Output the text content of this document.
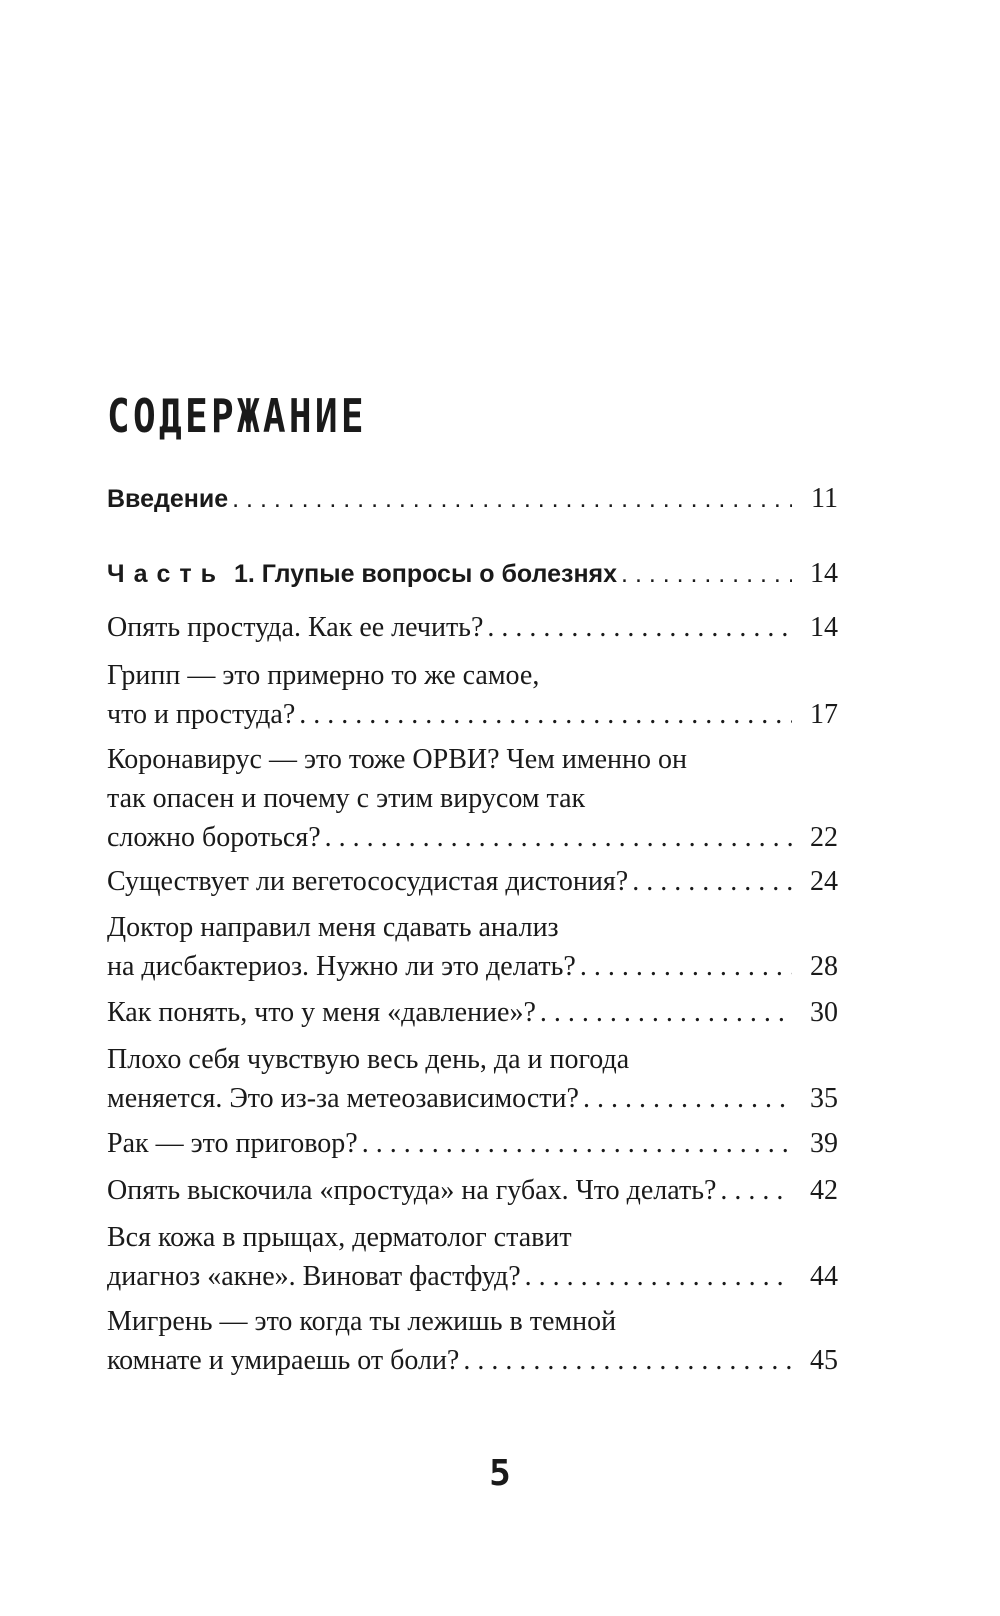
СОДЕРЖАНИЕ
Введение . . .	11
Часть 1. Глупые вопросы о болезнях . . .	14
Опять простуда. Как ее лечить? . . .	14
Грипп — это примерно то же самое,
что и простуда? . . .	17
Коронавирус — это тоже ОРВИ? Чем именно он
так опасен и почему с этим вирусом так
сложно бороться? . . .	22
Существует ли вегетососудистая дистония? . . .	24
Доктор направил меня сдавать анализ
на дисбактериоз. Нужно ли это делать? . . .	28
Как понять, что у меня «давление»? . . .	30
Плохо себя чувствую весь день, да и погода
меняется. Это из-за метеозависимости? . . .	35
Рак — это приговор? . . .	39
Опять выскочила «простуда» на губах. Что делать? . . .	42
Вся кожа в прыщах, дерматолог ставит
диагноз «акне». Виноват фастфуд? . . .	44
Мигрень — это когда ты лежишь в темной
комнате и умираешь от боли? . . .	45
5
